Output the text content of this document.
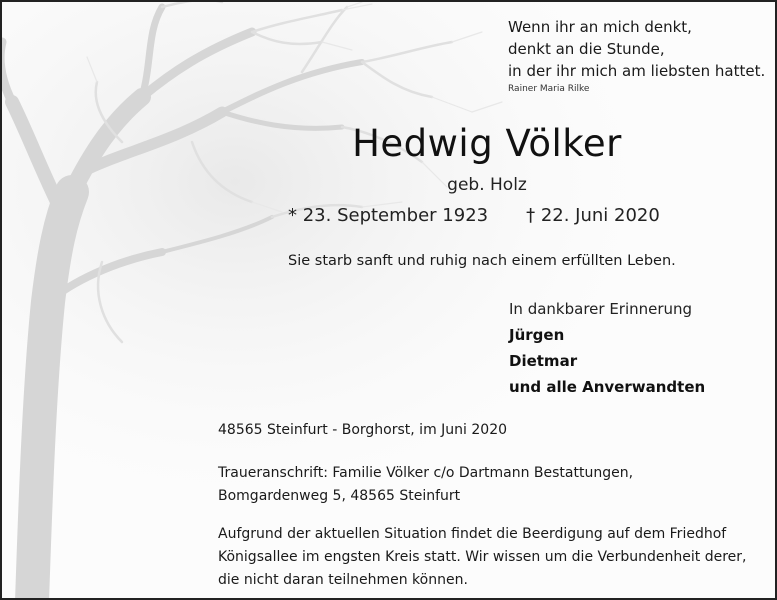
Wenn ihr an mich denkt,
denkt an die Stunde,
in der ihr mich am liebsten hattet.
Rainer Maria Rilke
Hedwig Völker
geb. Holz
* 23. September 1923 † 22. Juni 2020
Sie starb sanft und ruhig nach einem erfüllten Leben.
In dankbarer Erinnerung
Jürgen
Dietmar
und alle Anverwandten
48565 Steinfurt - Borghorst, im Juni 2020
Traueranschrift: Familie Völker c/o Dartmann Bestattungen,
Bomgardenweg 5, 48565 Steinfurt
Aufgrund der aktuellen Situation findet die Beerdigung auf dem Friedhof
Königsallee im engsten Kreis statt. Wir wissen um die Verbundenheit derer,
die nicht daran teilnehmen können.
